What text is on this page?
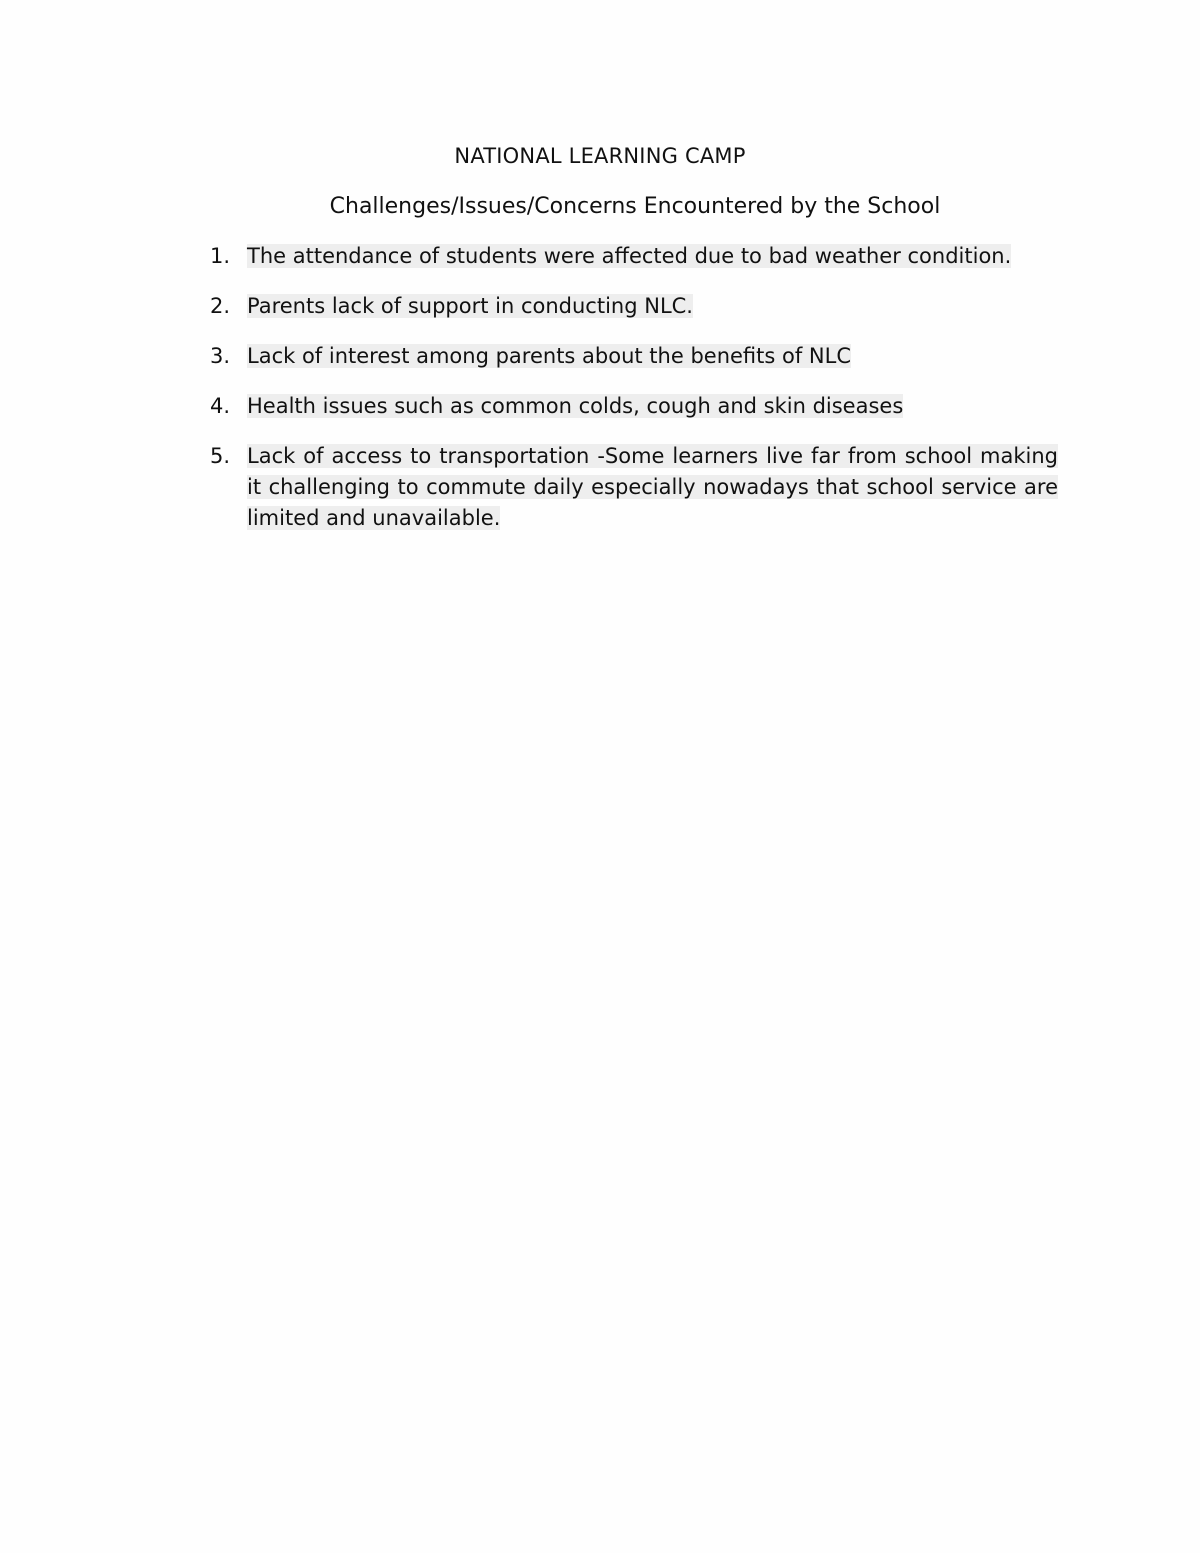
NATIONAL LEARNING CAMP
Challenges/Issues/Concerns Encountered by the School
1. The attendance of students were affected due to bad weather condition.
2. Parents lack of support in conducting NLC.
3. Lack of interest among parents about the benefits of NLC
4. Health issues such as common colds, cough and skin diseases
5. Lack of access to transportation -Some learners live far from school making it challenging to commute daily especially nowadays that school service are limited and unavailable.
